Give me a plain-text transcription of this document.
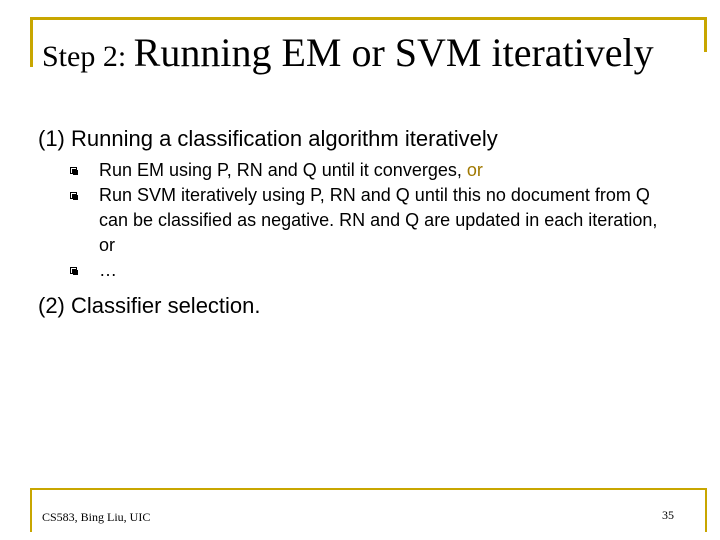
Step 2: Running EM or SVM iteratively

(1) Running a classification algorithm iteratively

Run EM using P, RN and Q until it converges, or
Run SVM iteratively using P, RN and Q until this no document from Q can be classified as negative. RN and Q are updated in each iteration, or
…

(2) Classifier selection.

CS583, Bing Liu, UIC	35
